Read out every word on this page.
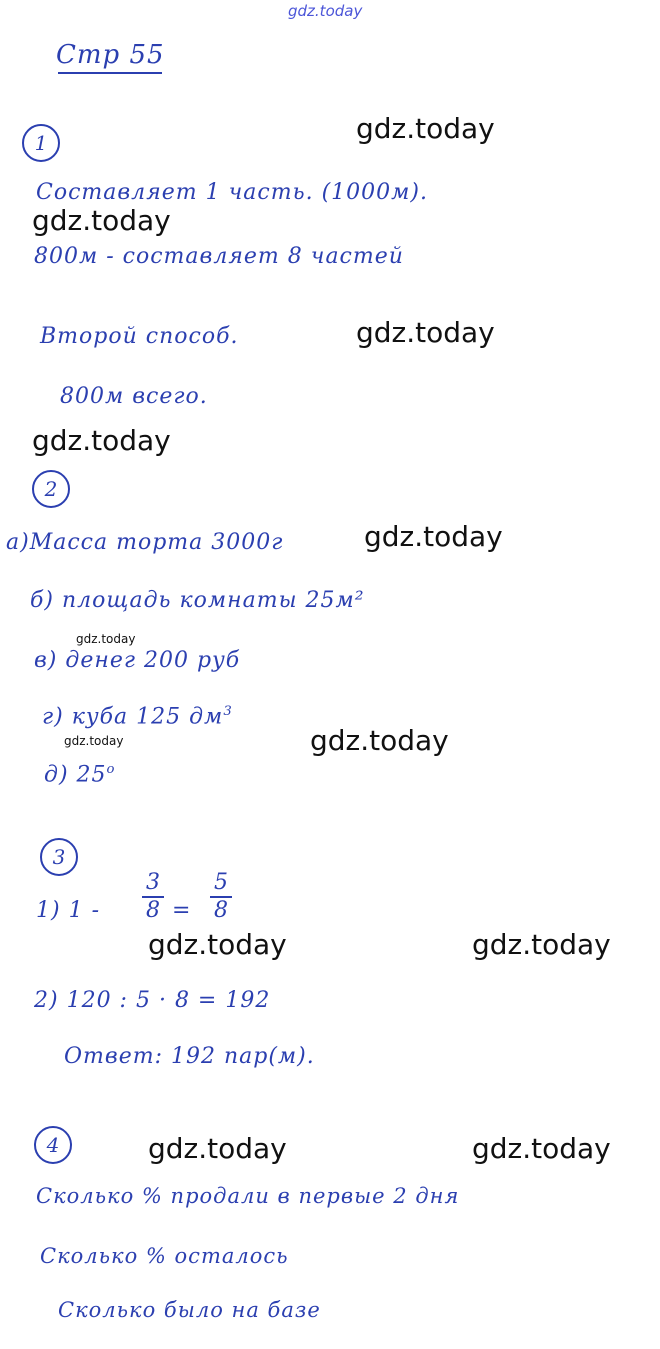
gdz.today
Стр 55
1
Составляет 1 часть. (1000м).
800м - составляет 8 частей
Второй способ.
800м всего.
2
а)Масса торта 3000г
б) площадь комнаты 25м²
в) денег 200 руб
г) куба 125 $дм^3$
д) $25^о$
3
1) 1 -
3
8 =
5
8
2) 120 : 5 · 8 = 192
Ответ: 192 пар(м).
4
Сколько % продали в первые 2 дня
Сколько % осталось
Сколько было на базе
gdz.today
gdz.today
gdz.today
gdz.today
gdz.today
gdz.today
gdz.today	gdz.today
gdz.today	gdz.today
gdz.today	gdz.today
